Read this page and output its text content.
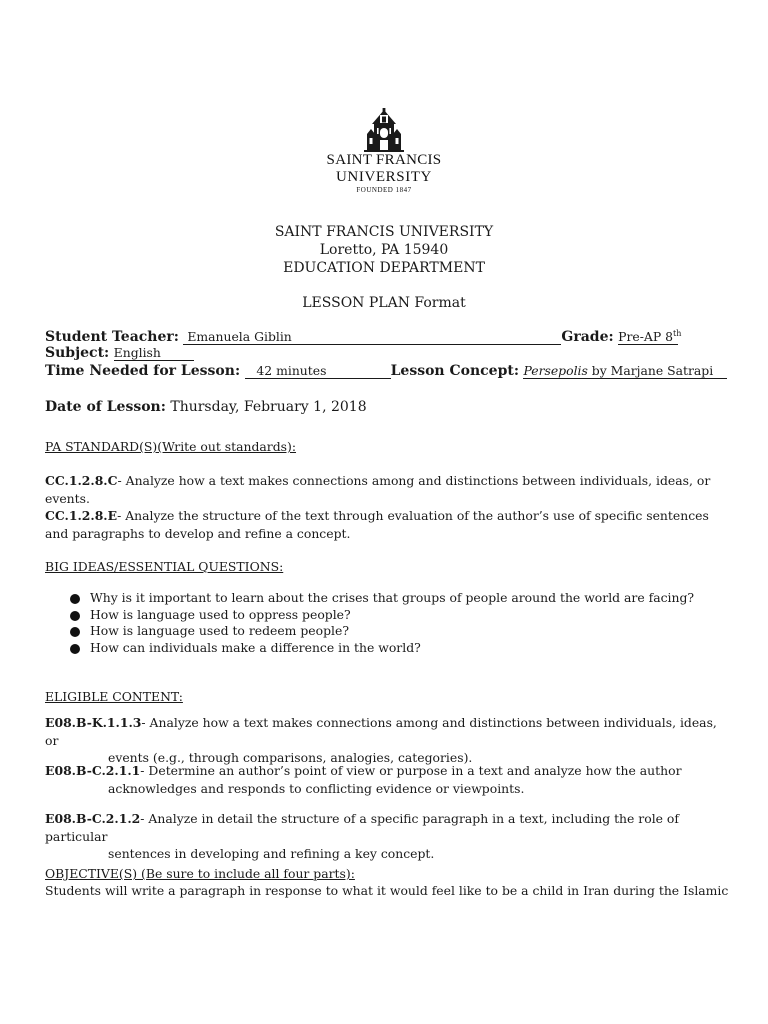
SAINT FRANCIS
UNIVERSITY
FOUNDED 1847
SAINT FRANCIS UNIVERSITY
Loretto, PA 15940
EDUCATION DEPARTMENT
LESSON PLAN Format
Student Teacher: Emanuela Giblin	Grade: Pre-AP 8th
Subject: English
Time Needed for Lesson: 42 minutes	Lesson Concept: Persepolis by Marjane Satrapi
Date of Lesson: Thursday, February 1, 2018
PA STANDARD(S)(Write out standards):
CC.1.2.8.C- Analyze how a text makes connections among and distinctions between individuals, ideas, or events.
CC.1.2.8.E- Analyze the structure of the text through evaluation of the author’s use of specific sentences and paragraphs to develop and refine a concept.
BIG IDEAS/ESSENTIAL QUESTIONS:
Why is it important to learn about the crises that groups of people around the world are facing?
How is language used to oppress people?
How is language used to redeem people?
How can individuals make a difference in the world?
ELIGIBLE CONTENT:
E08.B-K.1.1.3- Analyze how a text makes connections among and distinctions between individuals, ideas, or
events (e.g., through comparisons, analogies, categories).
E08.B-C.2.1.1- Determine an author’s point of view or purpose in a text and analyze how the author
acknowledges and responds to conflicting evidence or viewpoints.
E08.B-C.2.1.2- Analyze in detail the structure of a specific paragraph in a text, including the role of particular
sentences in developing and refining a key concept.
OBJECTIVE(S) (Be sure to include all four parts):
Students will write a paragraph in response to what it would feel like to be a child in Iran during the Islamic
